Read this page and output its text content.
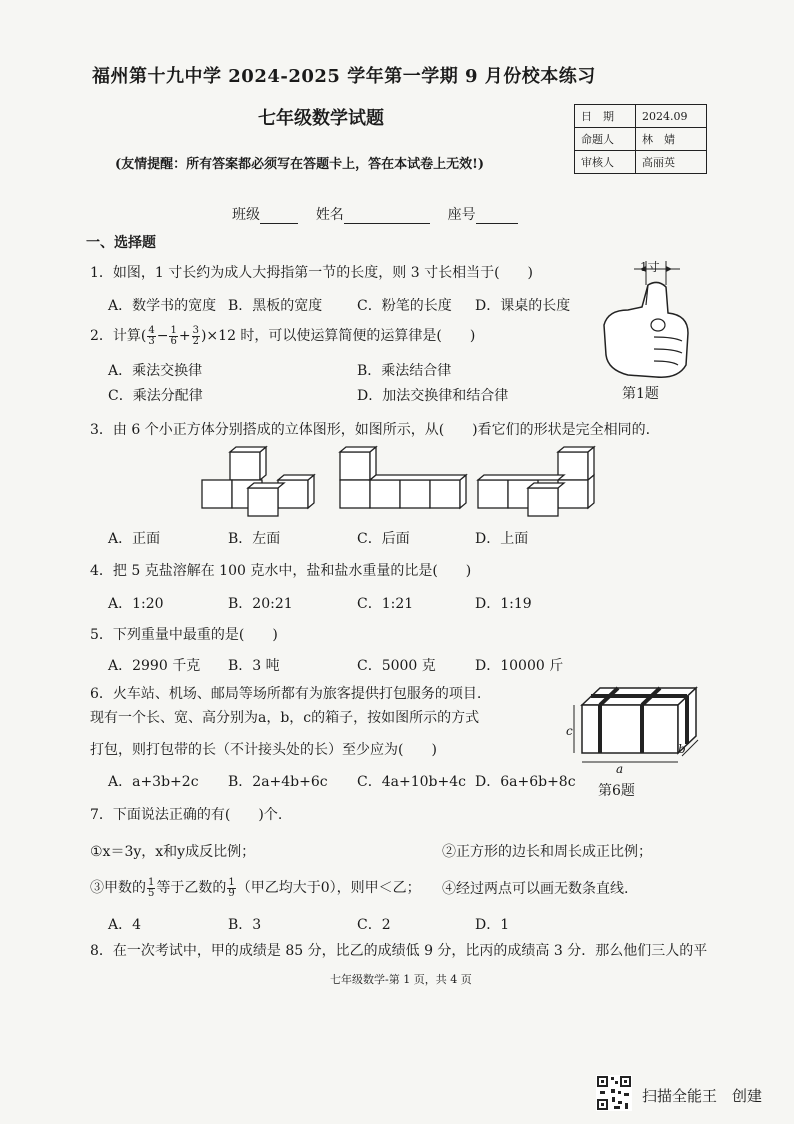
福州第十九中学 2024-2025 学年第一学期 9 月份校本练习
七年级数学试题
(友情提醒：所有答案都必须写在答题卡上，答在本试卷上无效!)
日　期	2024.09
命题人	林　婧
审核人	高丽英
班级	姓名	座号
一、选择题
1．如图，1 寸长约为成人大拇指第一节的长度，则 3 寸长相当于(　　)
A．数学书的宽度 B．黑板的宽度 C．粉笔的长度 D．课桌的长度
1寸
第1题
2．计算( $\frac{4}{3} - \frac{1}{6} + \frac{3}{2} )\times 12$ 时，可以使运算简便的运算律是(　　)
A．乘法交换律	B．乘法结合律
C．乘法分配律	D．加法交换律和结合律
3．由 6 个小正方体分别搭成的立体图形，如图所示，从(　　)看它们的形状是完全相同的.
A．正面	B．左面	C．后面	D．上面
4．把 5 克盐溶解在 100 克水中，盐和盐水重量的比是(　　)
A．1:20	B．20:21	C．1:21	D．1:19
5．下列重量中最重的是(　　)
A．2990 千克 B．3 吨	C．5000 克	D．10000 斤
6．火车站、机场、邮局等场所都有为旅客提供打包服务的项目.
现有一个长、宽、高分别为a，b，c的箱子，按如图所示的方式
打包，则打包带的长（不计接头处的长）至少应为(　　)
A．a+3b+2c B．2a+4b+6c C．4a+10b+4c D．6a+6b+8c
c
a
b
第6题
7．下面说法正确的有(　　)个.
①x＝3y，x和y成反比例；	②正方形的边长和周长成正比例；
③甲数的 $\frac{1}{5}$ 等于乙数的 $\frac{1}{9}$ （甲乙均大于0），则甲＜乙； ④经过两点可以画无数条直线.
A．4	B．3	C．2	D．1
8．在一次考试中，甲的成绩是 85 分，比乙的成绩低 9 分，比丙的成绩高 3 分．那么他们三人的平
七年级数学-第 1 页，共 4 页
扫描全能王　创建
